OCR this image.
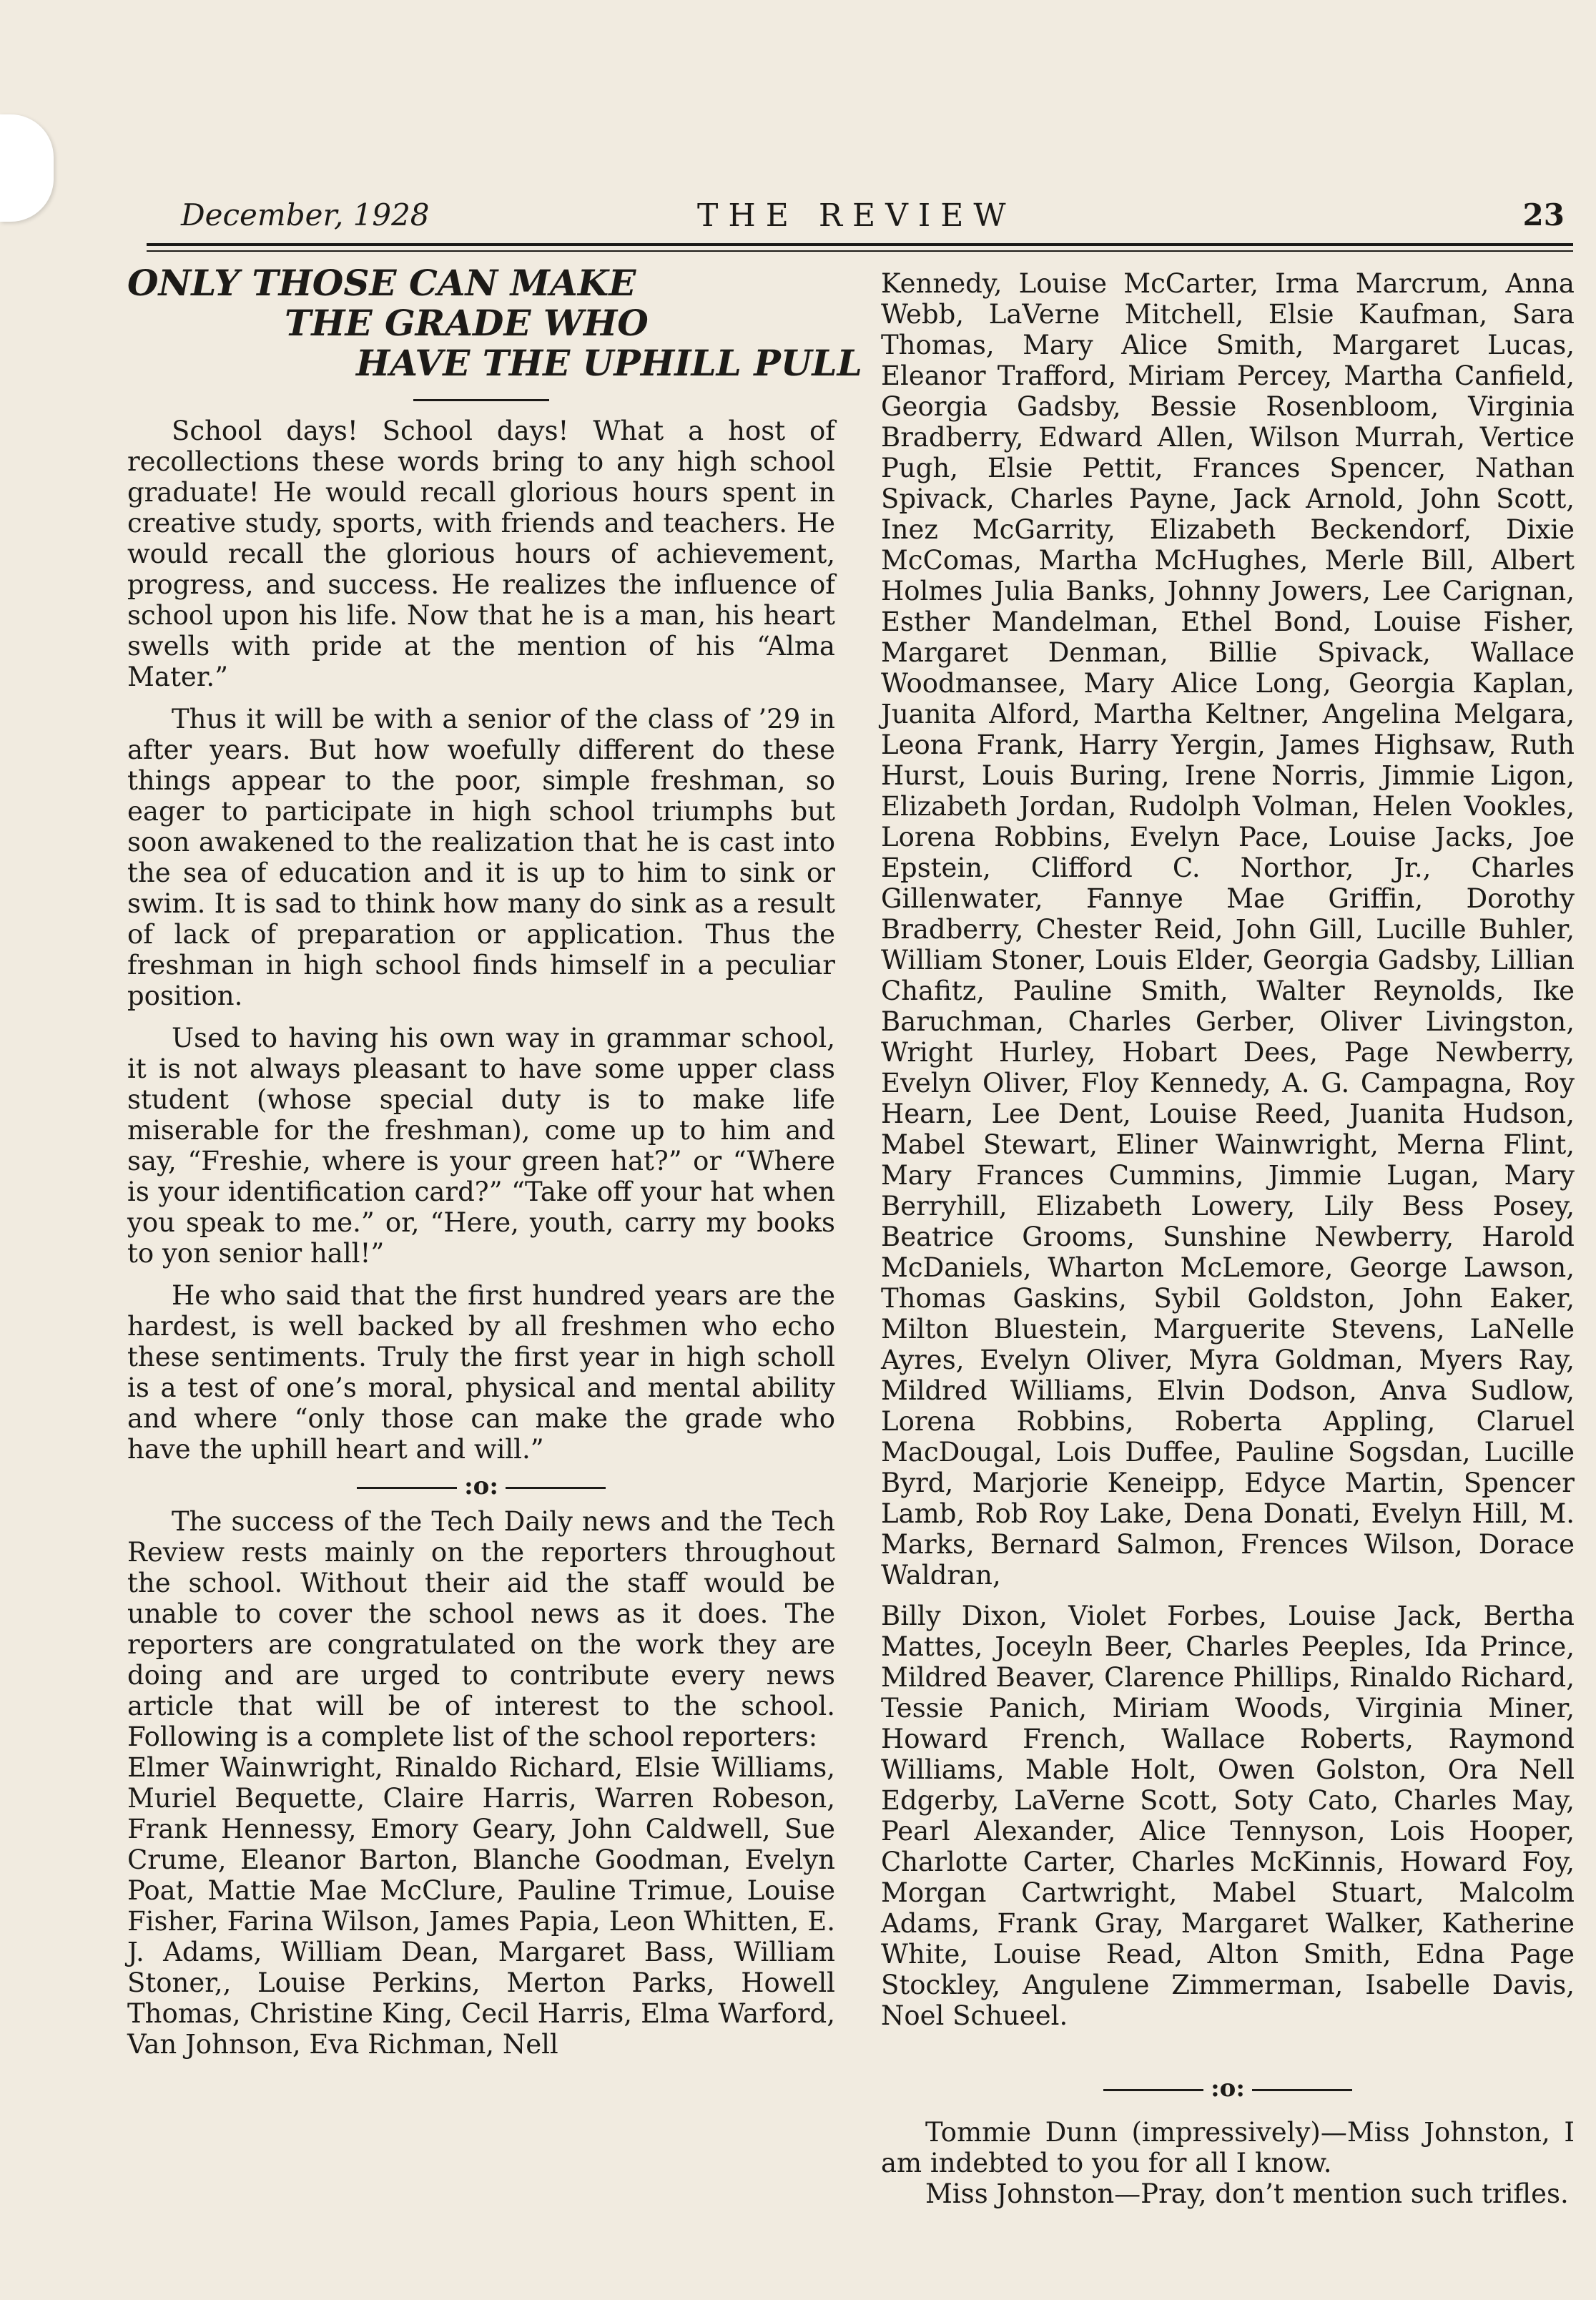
December, 1928	THE REVIEW	23
ONLY THOSE CAN MAKE
THE GRADE WHO
HAVE THE UPHILL PULL

School days! School days! What a host of recollections these words bring to any high school graduate! He would recall glorious hours spent in creative study, sports, with friends and teachers. He would recall the glorious hours of achievement, progress, and success. He realizes the influence of school upon his life. Now that he is a man, his heart swells with pride at the mention of his “Alma Mater.”

Thus it will be with a senior of the class of ’29 in after years. But how woefully different do these things appear to the poor, simple freshman, so eager to participate in high school triumphs but soon awakened to the realization that he is cast into the sea of education and it is up to him to sink or swim. It is sad to think how many do sink as a result of lack of preparation or application. Thus the freshman in high school finds himself in a peculiar position.

Used to having his own way in grammar school, it is not always pleasant to have some upper class student (whose special duty is to make life miserable for the freshman), come up to him and say, “Freshie, where is your green hat?” or “Where is your identification card?” “Take off your hat when you speak to me.” or, “Here, youth, carry my books to yon senior hall!”

He who said that the first hundred years are the hardest, is well backed by all freshmen who echo these sentiments. Truly the first year in high scholl is a test of one’s moral, physical and mental ability and where “only those can make the grade who have the uphill heart and will.”

:o:

The success of the Tech Daily news and the Tech Review rests mainly on the reporters throughout the school. Without their aid the staff would be unable to cover the school news as it does. The reporters are congratulated on the work they are doing and are urged to contribute every news article that will be of interest to the school. Following is a complete list of the school reporters:

Elmer Wainwright, Rinaldo Richard, Elsie Williams, Muriel Bequette, Claire Harris, Warren Robeson, Frank Hennessy, Emory Geary, John Caldwell, Sue Crume, Eleanor Barton, Blanche Goodman, Evelyn Poat, Mattie Mae McClure, Pauline Trimue, Louise Fisher, Farina Wilson, James Papia, Leon Whitten, E. J. Adams, William Dean, Margaret Bass, William Stoner,, Louise Perkins, Merton Parks, Howell Thomas, Christine King, Cecil Harris, Elma Warford, Van Johnson, Eva Richman, Nell

Kennedy, Louise McCarter, Irma Marcrum, Anna Webb, LaVerne Mitchell, Elsie Kaufman, Sara Thomas, Mary Alice Smith, Margaret Lucas, Eleanor Trafford, Miriam Percey, Martha Canfield, Georgia Gadsby, Bessie Rosenbloom, Virginia Bradberry, Edward Allen, Wilson Murrah, Vertice Pugh, Elsie Pettit, Frances Spencer, Nathan Spivack, Charles Payne, Jack Arnold, John Scott, Inez McGarrity, Elizabeth Beckendorf, Dixie McComas, Martha McHughes, Merle Bill, Albert Holmes Julia Banks, Johnny Jowers, Lee Carignan, Esther Mandelman, Ethel Bond, Louise Fisher, Margaret Denman, Billie Spivack, Wallace Woodmansee, Mary Alice Long, Georgia Kaplan, Juanita Alford, Martha Keltner, Angelina Melgara, Leona Frank, Harry Yergin, James Highsaw, Ruth Hurst, Louis Buring, Irene Norris, Jimmie Ligon, Elizabeth Jordan, Rudolph Volman, Helen Vookles, Lorena Robbins, Evelyn Pace, Louise Jacks, Joe Epstein, Clifford C. Northor, Jr., Charles Gillenwater, Fannye Mae Griffin, Dorothy Bradberry, Chester Reid, John Gill, Lucille Buhler, William Stoner, Louis Elder, Georgia Gadsby, Lillian Chafitz, Pauline Smith, Walter Reynolds, Ike Baruchman, Charles Gerber, Oliver Livingston, Wright Hurley, Hobart Dees, Page Newberry, Evelyn Oliver, Floy Kennedy, A. G. Campagna, Roy Hearn, Lee Dent, Louise Reed, Juanita Hudson, Mabel Stewart, Eliner Wainwright, Merna Flint, Mary Frances Cummins, Jimmie Lugan, Mary Berryhill, Elizabeth Lowery, Lily Bess Posey, Beatrice Grooms, Sunshine Newberry, Harold McDaniels, Wharton McLemore, George Lawson, Thomas Gaskins, Sybil Goldston, John Eaker, Milton Bluestein, Marguerite Stevens, LaNelle Ayres, Evelyn Oliver, Myra Goldman, Myers Ray, Mildred Williams, Elvin Dodson, Anva Sudlow, Lorena Robbins, Roberta Appling, Claruel MacDougal, Lois Duffee, Pauline Sogsdan, Lucille Byrd, Marjorie Keneipp, Edyce Martin, Spencer Lamb, Rob Roy Lake, Dena Donati, Evelyn Hill, M. Marks, Bernard Salmon, Frences Wilson, Dorace Waldran,

Billy Dixon, Violet Forbes, Louise Jack, Bertha Mattes, Joceyln Beer, Charles Peeples, Ida Prince, Mildred Beaver, Clarence Phillips, Rinaldo Richard, Tessie Panich, Miriam Woods, Virginia Miner, Howard French, Wallace Roberts, Raymond Williams, Mable Holt, Owen Golston, Ora Nell Edgerby, LaVerne Scott, Soty Cato, Charles May, Pearl Alexander, Alice Tennyson, Lois Hooper, Charlotte Carter, Charles McKinnis, Howard Foy, Morgan Cartwright, Mabel Stuart, Malcolm Adams, Frank Gray, Margaret Walker, Katherine White, Louise Read, Alton Smith, Edna Page Stockley, Angulene Zimmerman, Isabelle Davis, Noel Schueel.

:o:

Tommie Dunn (impressively)—Miss Johnston, I am indebted to you for all I know.

Miss Johnston—Pray, don’t mention such trifles.
